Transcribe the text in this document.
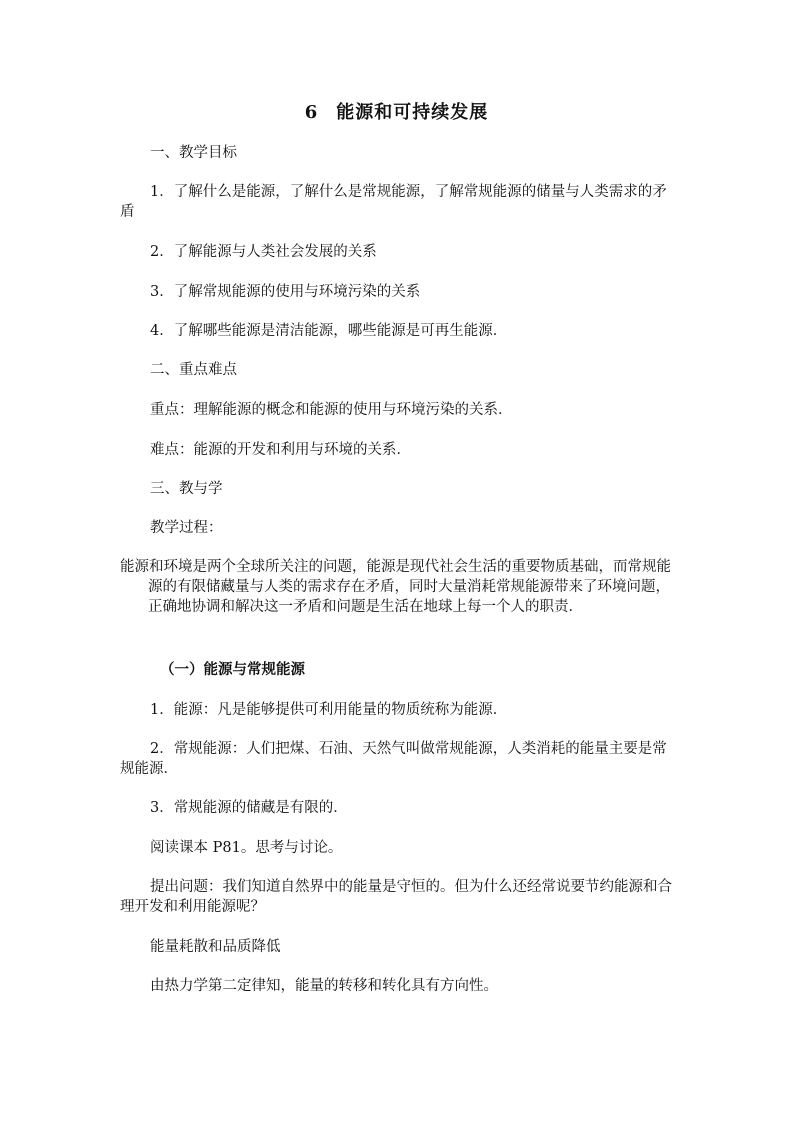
6 能源和可持续发展
一、教学目标
1．了解什么是能源，了解什么是常规能源，了解常规能源的储量与人类需求的矛盾
2．了解能源与人类社会发展的关系
3．了解常规能源的使用与环境污染的关系
4．了解哪些能源是清洁能源，哪些能源是可再生能源．
二、重点难点
重点：理解能源的概念和能源的使用与环境污染的关系．
难点：能源的开发和利用与环境的关系．
三、教与学
教学过程：
能源和环境是两个全球所关注的问题，能源是现代社会生活的重要物质基础，而常规能源的有限储藏量与人类的需求存在矛盾，同时大量消耗常规能源带来了环境问题，正确地协调和解决这一矛盾和问题是生活在地球上每一个人的职责．
（一）能源与常规能源
1．能源：凡是能够提供可利用能量的物质统称为能源．
2．常规能源：人们把煤、石油、天然气叫做常规能源，人类消耗的能量主要是常规能源．
3．常规能源的储藏是有限的．
阅读课本 P81。思考与讨论。
提出问题：我们知道自然界中的能量是守恒的。但为什么还经常说要节约能源和合理开发和利用能源呢？
能量耗散和品质降低
由热力学第二定律知，能量的转移和转化具有方向性。
